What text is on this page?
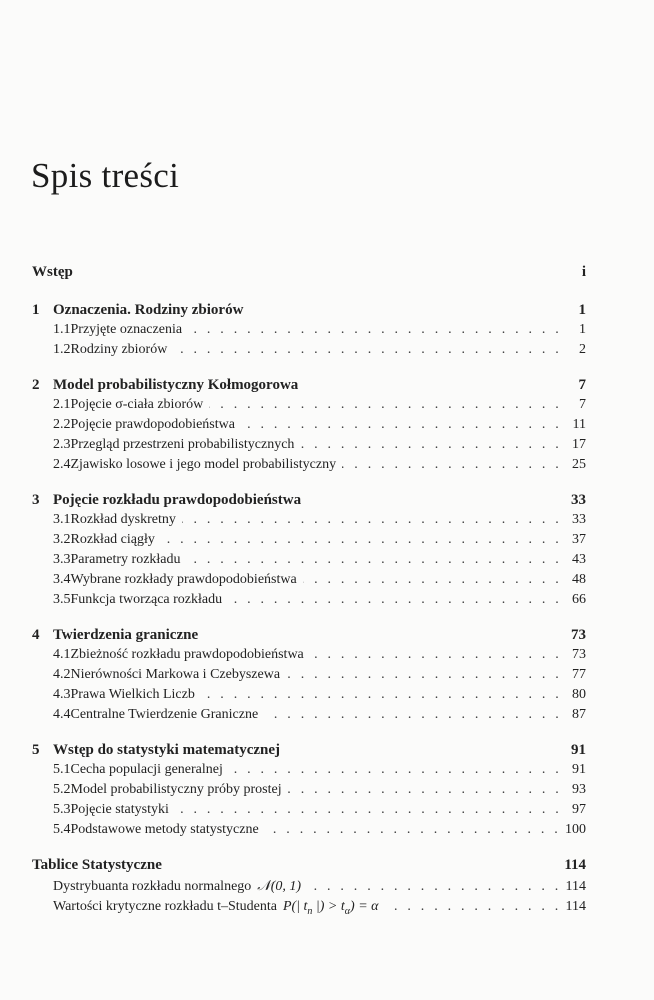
Spis treści
Wstęp	i
1 Oznaczenia. Rodziny zbiorów	1
1.1 Przyjęte oznaczenia . . .	1
1.2 Rodziny zbiorów . . .	2
2 Model probabilistyczny Kołmogorowa	7
2.1 Pojęcie σ-ciała zbiorów . . .	7
2.2 Pojęcie prawdopodobieństwa . . .	11
2.3 Przegląd przestrzeni probabilistycznych . . .	17
2.4 Zjawisko losowe i jego model probabilistyczny . . .	25
3 Pojęcie rozkładu prawdopodobieństwa	33
3.1 Rozkład dyskretny . . .	33
3.2 Rozkład ciągły . . .	37
3.3 Parametry rozkładu . . .	43
3.4 Wybrane rozkłady prawdopodobieństwa . . .	48
3.5 Funkcja tworząca rozkładu . . .	66
4 Twierdzenia graniczne	73
4.1 Zbieżność rozkładu prawdopodobieństwa . . .	73
4.2 Nierówności Markowa i Czebyszewa . . .	77
4.3 Prawa Wielkich Liczb . . .	80
4.4 Centralne Twierdzenie Graniczne . . .	87
5 Wstęp do statystyki matematycznej	91
5.1 Cecha populacji generalnej . . .	91
5.2 Model probabilistyczny próby prostej . . .	93
5.3 Pojęcie statystyki . . .	97
5.4 Podstawowe metody statystyczne . . .	100
Tablice Statystyczne	114
Dystrybuanta rozkładu normalnego 𝒩(0, 1) . . .	114
Wartości krytyczne rozkładu t–Studenta P(| $t_n$ |) > $t_\alpha) = \alpha$ . . .	114
